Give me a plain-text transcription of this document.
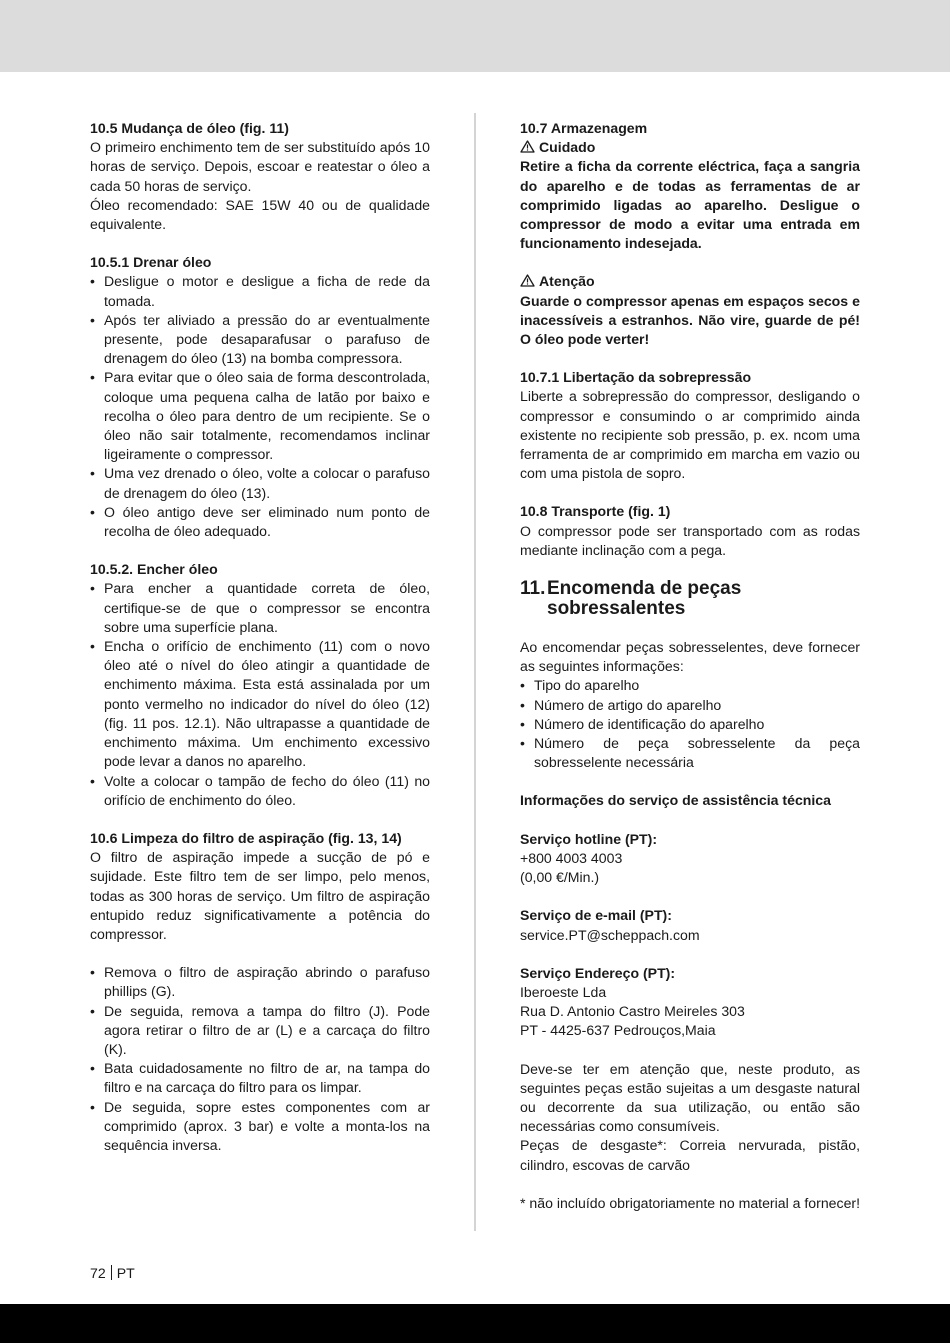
10.5 Mudança de óleo (fig. 11)

O primeiro enchimento tem de ser substituído após 10 horas de serviço. Depois, escoar e reatestar o óleo a cada 50 horas de serviço.

Óleo recomendado: SAE 15W 40 ou de qualidade equivalente.

10.5.1 Drenar óleo

• Desligue o motor e desligue a ficha de rede da tomada.
• Após ter aliviado a pressão do ar eventualmente presente, pode desaparafusar o parafuso de drenagem do óleo (13) na bomba compressora.
• Para evitar que o óleo saia de forma descontrolada, coloque uma pequena calha de latão por baixo e recolha o óleo para dentro de um recipiente. Se o óleo não sair totalmente, recomendamos inclinar ligeiramente o compressor.
• Uma vez drenado o óleo, volte a colocar o parafuso de drenagem do óleo (13).
• O óleo antigo deve ser eliminado num ponto de recolha de óleo adequado.

10.5.2. Encher óleo

• Para encher a quantidade correta de óleo, certifique-se de que o compressor se encontra sobre uma superfície plana.
• Encha o orifício de enchimento (11) com o novo óleo até o nível do óleo atingir a quantidade de enchimento máxima. Esta está assinalada por um ponto vermelho no indicador do nível do óleo (12) (fig. 11 pos. 12.1). Não ultrapasse a quantidade de enchimento máxima. Um enchimento excessivo pode levar a danos no aparelho.
• Volte a colocar o tampão de fecho do óleo (11) no orifício de enchimento do óleo.

10.6 Limpeza do filtro de aspiração (fig. 13, 14)

O filtro de aspiração impede a sucção de pó e sujidade. Este filtro tem de ser limpo, pelo menos, todas as 300 horas de serviço. Um filtro de aspiração entupido reduz significativamente a potência do compressor.

• Remova o filtro de aspiração abrindo o parafuso phillips (G).
• De seguida, remova a tampa do filtro (J). Pode agora retirar o filtro de ar (L) e a carcaça do filtro (K).
• Bata cuidadosamente no filtro de ar, na tampa do filtro e na carcaça do filtro para os limpar.
• De seguida, sopre estes componentes com ar comprimido (aprox. 3 bar) e volte a monta-los na sequência inversa.

10.7 Armazenagem

Cuidado

Retire a ficha da corrente eléctrica, faça a sangria do aparelho e de todas as ferramentas de ar comprimido ligadas ao aparelho. Desligue o compressor de modo a evitar uma entrada em funcionamento indesejada.

Atenção

Guarde o compressor apenas em espaços secos e inacessíveis a estranhos. Não vire, guarde de pé! O óleo pode verter!

10.7.1 Libertação da sobrepressão

Liberte a sobrepressão do compressor, desligando o compressor e consumindo o ar comprimido ainda existente no recipiente sob pressão, p. ex. ncom uma ferramenta de ar comprimido em marcha em vazio ou com uma pistola de sopro.

10.8 Transporte (fig. 1)

O compressor pode ser transportado com as rodas mediante inclinação com a pega.

11. Encomenda de peças
sobressalentes

Ao encomendar peças sobresselentes, deve fornecer as seguintes informações:

• Tipo do aparelho
• Número de artigo do aparelho
• Número de identificação do aparelho
• Número de peça sobresselente da peça sobresselente necessária

Informações do serviço de assistência técnica

Serviço hotline (PT):

+800 4003 4003

(0,00 €/Min.)

Serviço de e-mail (PT):

service.PT@scheppach.com

Serviço Endereço (PT):

Iberoeste Lda

Rua D. Antonio Castro Meireles 303

PT - 4425-637 Pedrouços,Maia

Deve-se ter em atenção que, neste produto, as seguintes peças estão sujeitas a um desgaste natural ou decorrente da sua utilização, ou então são necessárias como consumíveis.

Peças de desgaste*: Correia nervurada, pistão, cilindro, escovas de carvão

* não incluído obrigatoriamente no material a fornecer!

72 PT
